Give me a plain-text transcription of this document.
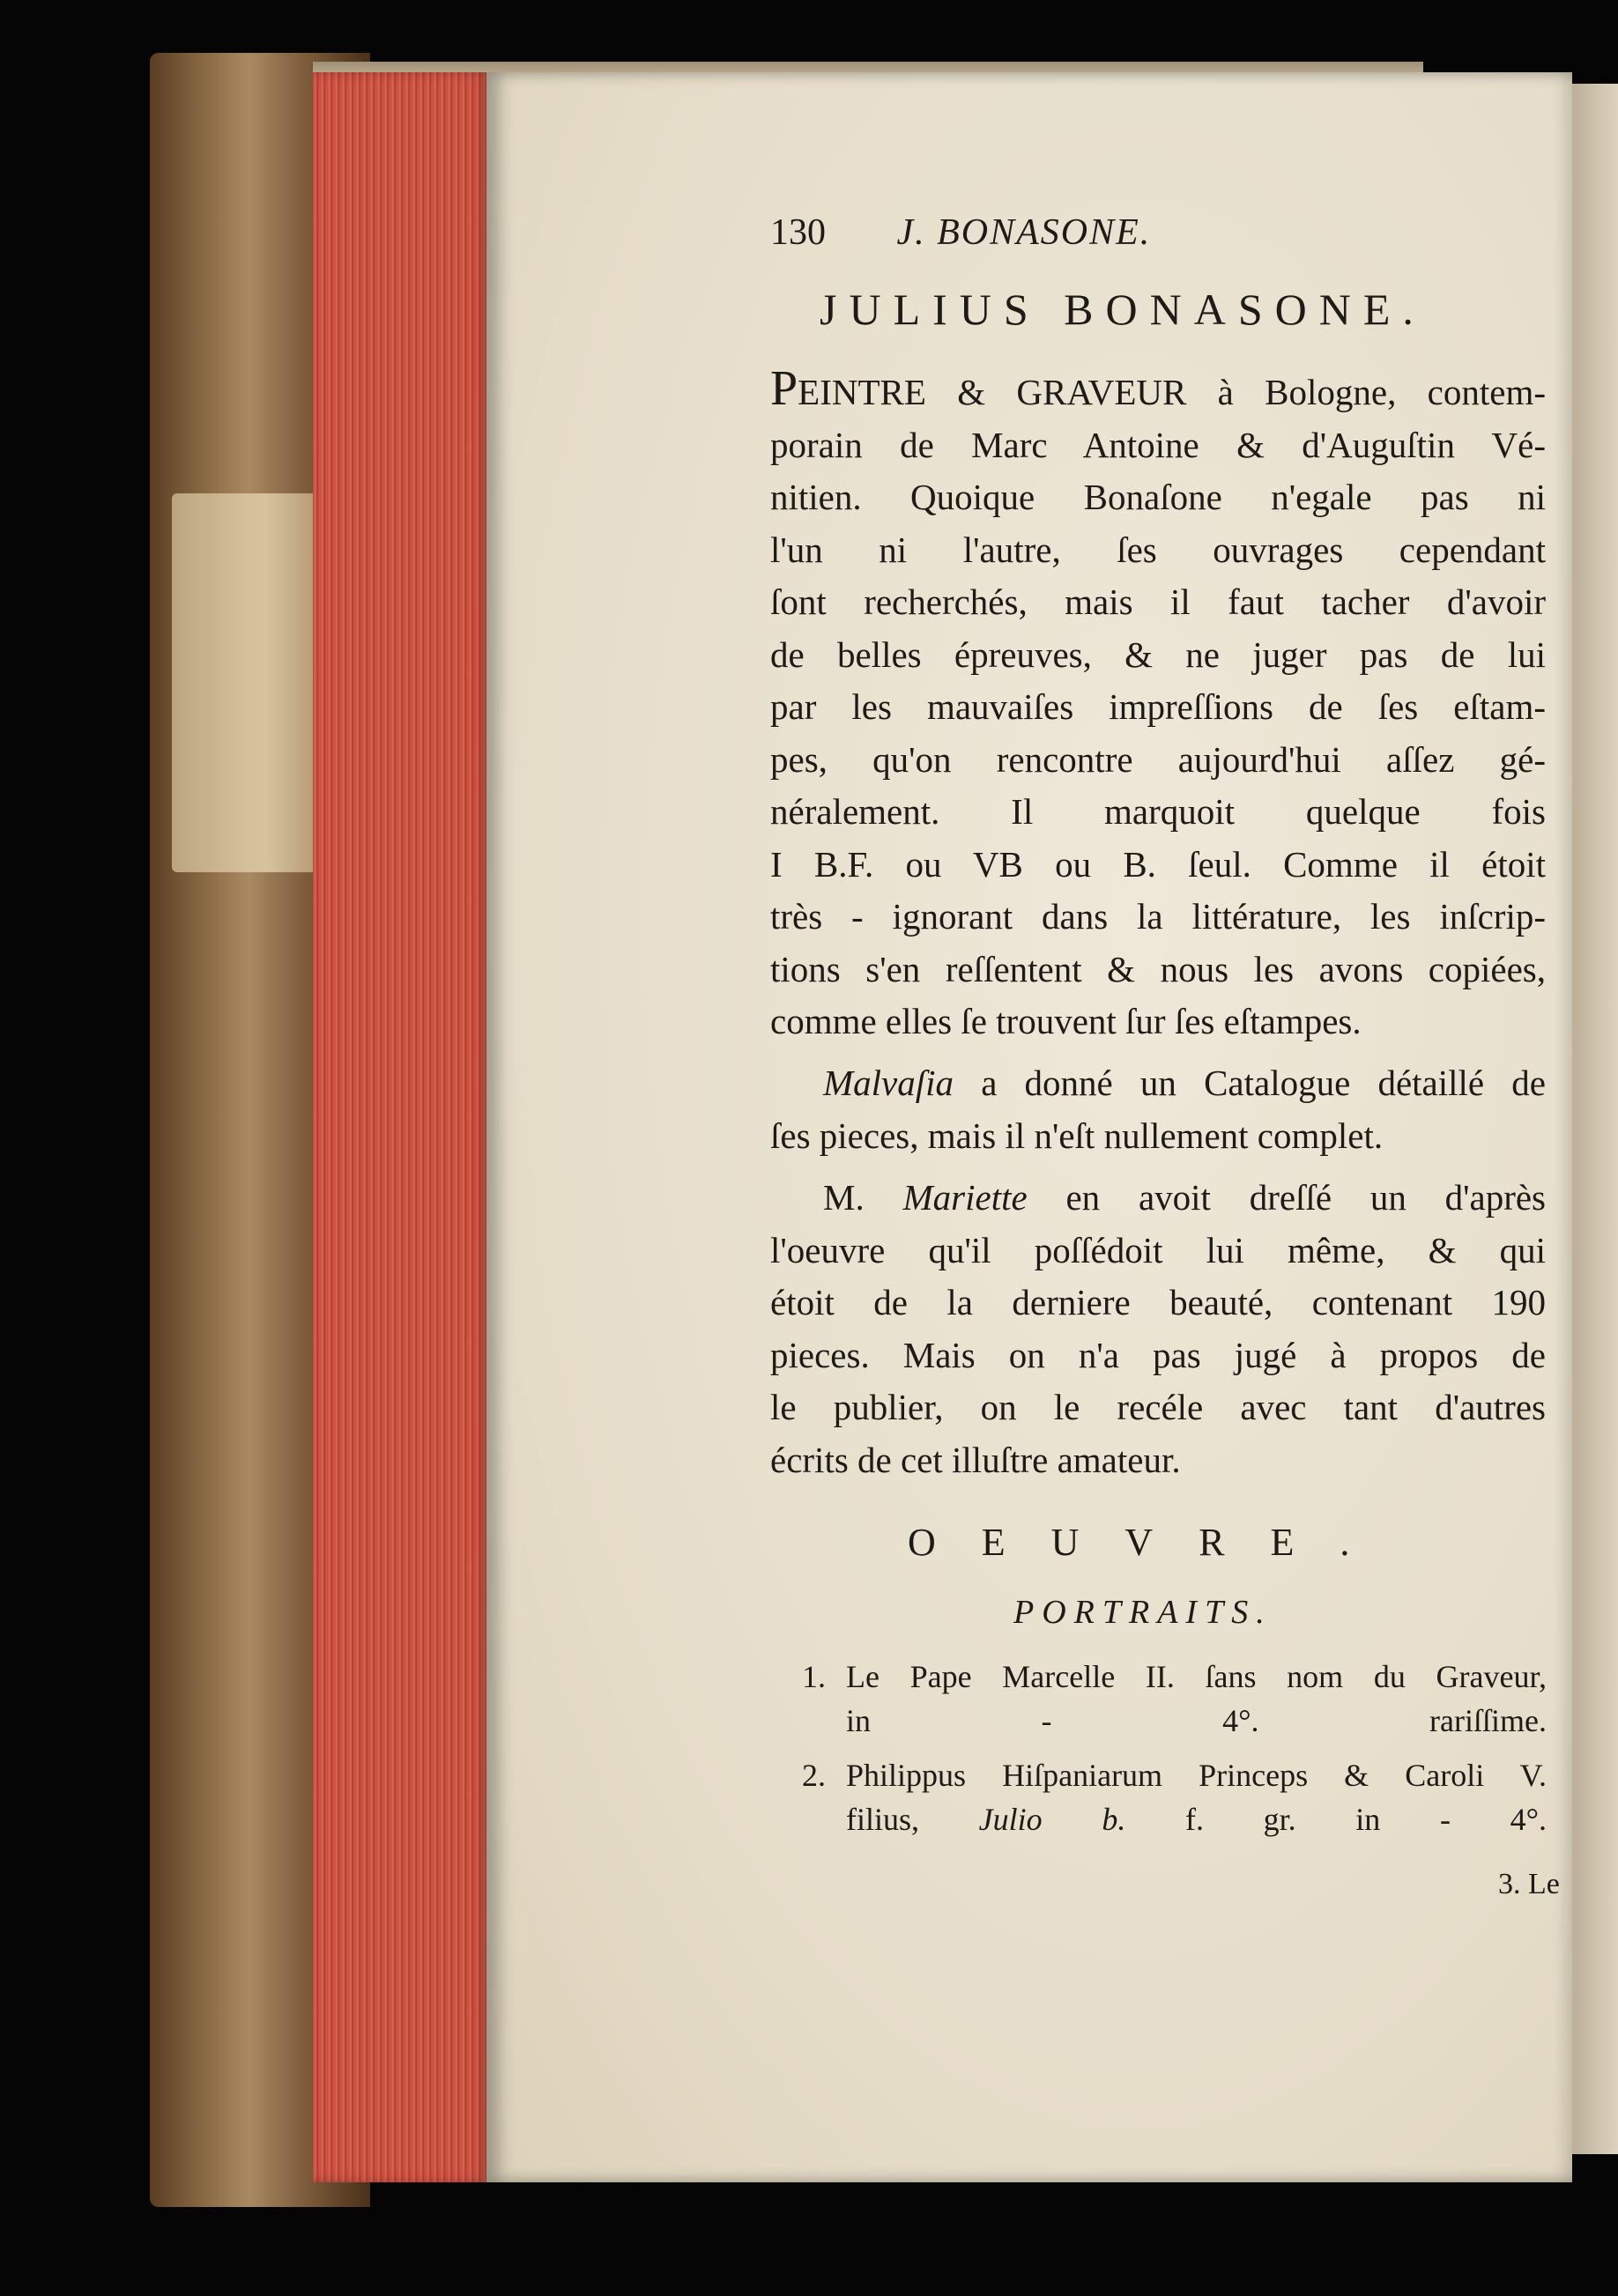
130 J. BONASONE.
JULIUS BONASONE.
PEINTRE & GRAVEUR à Bologne, contem-
porain de Marc Antoine & d'Auguſtin Vé-
nitien. Quoique Bonaſone n'egale pas ni
l'un ni l'autre, ſes ouvrages cependant
ſont recherchés, mais il faut tacher d'avoir
de belles épreuves, & ne juger pas de lui
par les mauvaiſes impreſſions de ſes eſtam-
pes, qu'on rencontre aujourd'hui aſſez gé-
néralement. Il marquoit quelque fois
I B.F. ou VB ou B. ſeul. Comme il étoit
très - ignorant dans la littérature, les inſcrip-
tions s'en reſſentent & nous les avons copiées,
comme elles ſe trouvent ſur ſes eſtampes.
Malvaſia a donné un Catalogue détaillé de
ſes pieces, mais il n'eſt nullement complet.
M. Mariette en avoit dreſſé un d'après
l'oeuvre qu'il poſſédoit lui même, & qui
étoit de la derniere beauté, contenant 190
pieces. Mais on n'a pas jugé à propos de
le publier, on le recéle avec tant d'autres
écrits de cet illuſtre amateur.
OEUVRE.
PORTRAITS.
1. Le Pape Marcelle II. ſans nom du Graveur,
in - 4°. rariſſime.
2. Philippus Hiſpaniarum Princeps & Caroli V.
filius, Julio b. f. gr. in - 4°.
3. Le
